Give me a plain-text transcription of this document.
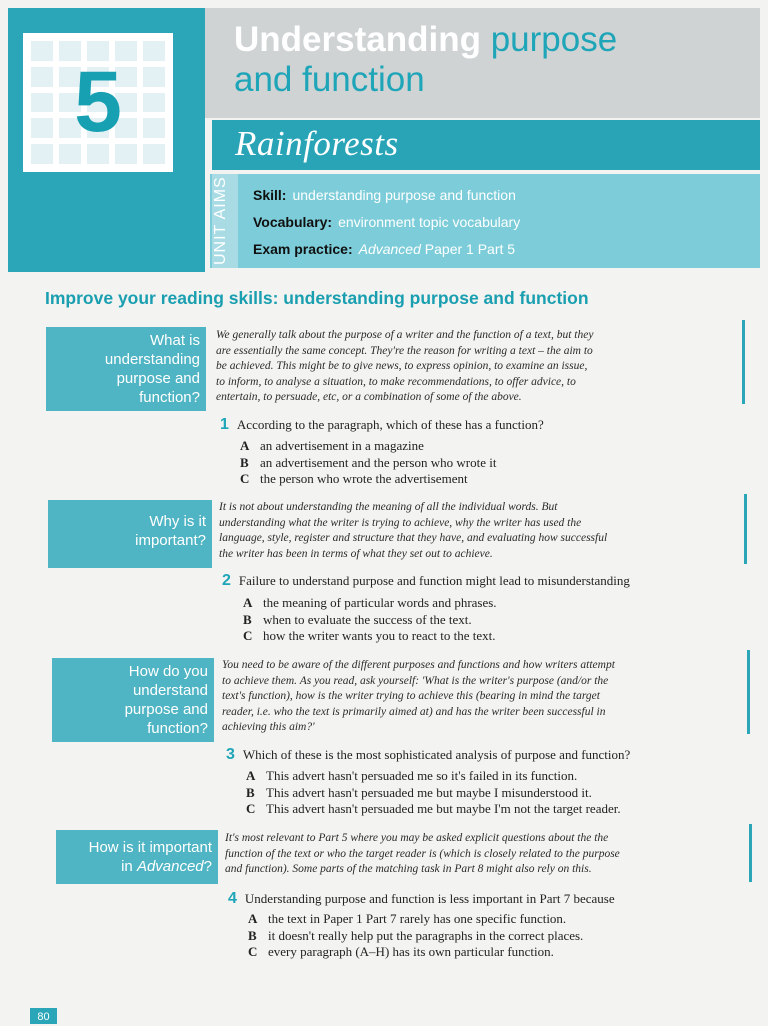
5
Understanding purpose
and function
Rainforests
UNIT AIMS	Skill: understanding purpose and function
Vocabulary: environment topic vocabulary
Exam practice: Advanced Paper 1 Part 5
Improve your reading skills: understanding purpose and function
What is
understanding
purpose and
function?
We generally talk about the purpose of a writer and the function of a text, but they
are essentially the same concept. They're the reason for writing a text – the aim to
be achieved. This might be to give news, to express opinion, to examine an issue,
to inform, to analyse a situation, to make recommendations, to offer advice, to
entertain, to persuade, etc, or a combination of some of the above.
1 According to the paragraph, which of these has a function?
A an advertisement in a magazine
B an advertisement and the person who wrote it
C the person who wrote the advertisement
Why is it
important?
It is not about understanding the meaning of all the individual words. But
understanding what the writer is trying to achieve, why the writer has used the
language, style, register and structure that they have, and evaluating how successful
the writer has been in terms of what they set out to achieve.
2 Failure to understand purpose and function might lead to misunderstanding
A the meaning of particular words and phrases.
B when to evaluate the success of the text.
C how the writer wants you to react to the text.
How do you
understand
purpose and
function?
You need to be aware of the different purposes and functions and how writers attempt
to achieve them. As you read, ask yourself: 'What is the writer's purpose (and/or the
text's function), how is the writer trying to achieve this (bearing in mind the target
reader, i.e. who the text is primarily aimed at) and has the writer been successful in
achieving this aim?'
3 Which of these is the most sophisticated analysis of purpose and function?
A This advert hasn't persuaded me so it's failed in its function.
B This advert hasn't persuaded me but maybe I misunderstood it.
C This advert hasn't persuaded me but maybe I'm not the target reader.
How is it important
in Advanced?
It's most relevant to Part 5 where you may be asked explicit questions about the the
function of the text or who the target reader is (which is closely related to the purpose
and function). Some parts of the matching task in Part 8 might also rely on this.
4 Understanding purpose and function is less important in Part 7 because
A the text in Paper 1 Part 7 rarely has one specific function.
B it doesn't really help put the paragraphs in the correct places.
C every paragraph (A–H) has its own particular function.
80
